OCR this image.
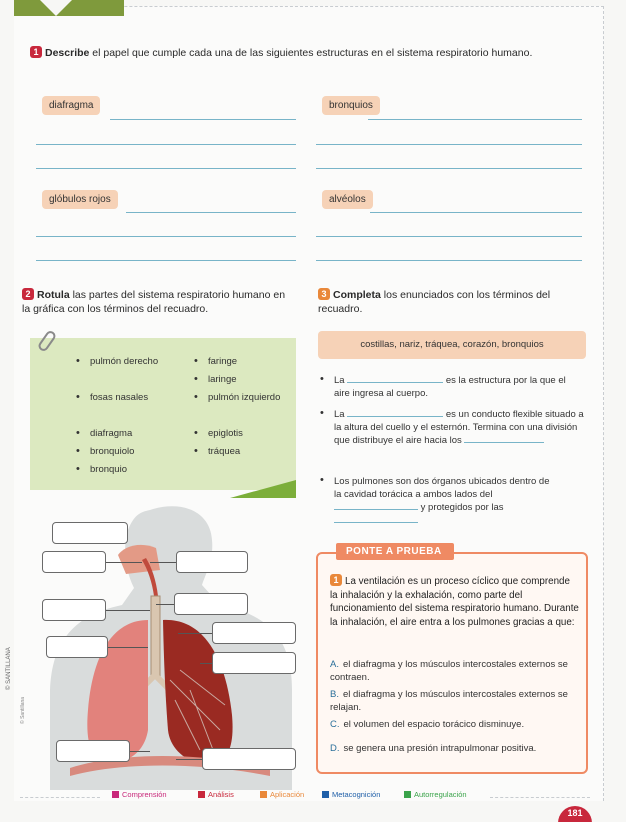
1 Describe el papel que cumple cada una de las siguientes estructuras en el sistema respiratorio humano.
diafragma	bronquios
glóbulos rojos	alvéolos
2 Rotula las partes del sistema respiratorio humano en la gráfica con los términos del recuadro.
• pulmón derecho
• fosas nasales
• diafragma
• bronquiolo
• bronquio
• faringe
• laringe
• pulmón izquierdo
• epiglotis
• tráquea
3 Completa los enunciados con los términos del recuadro.
costillas, nariz, tráquea, corazón, bronquios
• La	es la estructura por la que el aire ingresa al cuerpo.
• La	es un conducto flexible situado a la altura del cuello y el esternón. Termina con una división que distribuye el aire hacia los
• Los pulmones son dos órganos ubicados dentro de la cavidad torácica a ambos lados del  y protegidos por las
PONTE A PRUEBA
1 La ventilación es un proceso cíclico que comprende la inhalación y la exhalación, como parte del funcionamiento del sistema respiratorio humano. Durante la inhalación, el aire entra a los pulmones gracias a que:
A. el diafragma y los músculos intercostales externos se contraen.
B. el diafragma y los músculos intercostales externos se relajan.
C. el volumen del espacio torácico disminuye.
D. se genera una presión intrapulmonar positiva.
Comprensión	Análisis	Aplicación	Metacognición	Autorregulación
181
© SANTILLANA
© Santillana
